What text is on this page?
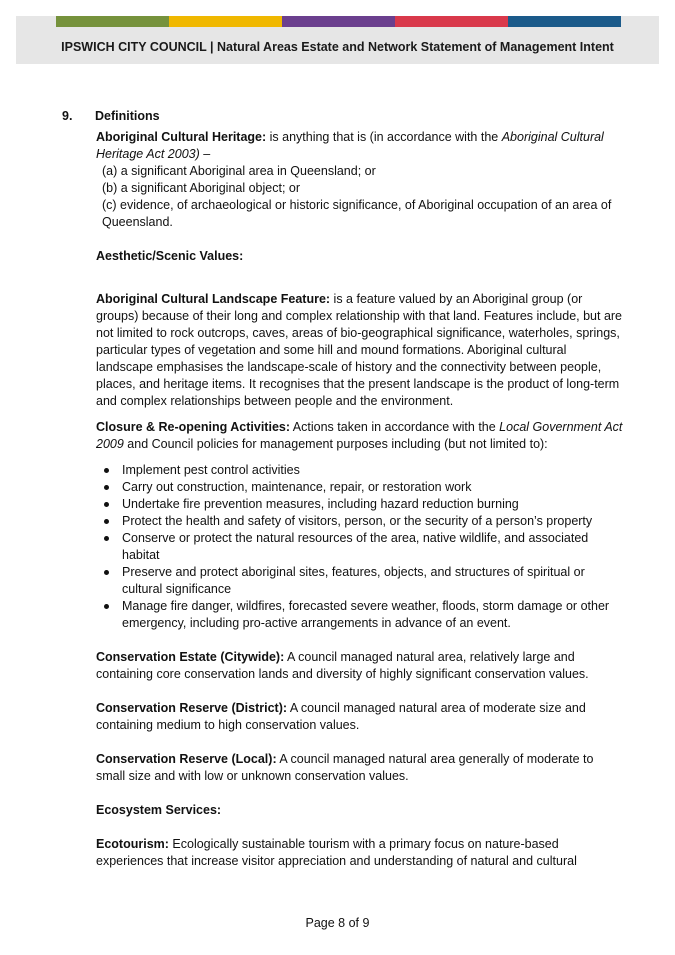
IPSWICH CITY COUNCIL | Natural Areas Estate and Network Statement of Management Intent
9. Definitions

Aboriginal Cultural Heritage: is anything that is (in accordance with the Aboriginal Cultural Heritage Act 2003) –

(a) a significant Aboriginal area in Queensland; or

(b) a significant Aboriginal object; or

(c) evidence, of archaeological or historic significance, of Aboriginal occupation of an area of Queensland.

Aesthetic/Scenic Values:

Aboriginal Cultural Landscape Feature: is a feature valued by an Aboriginal group (or groups) because of their long and complex relationship with that land. Features include, but are not limited to rock outcrops, caves, areas of bio-geographical significance, waterholes, springs, particular types of vegetation and some hill and mound formations. Aboriginal cultural landscape emphasises the landscape-scale of history and the connectivity between people, places, and heritage items. It recognises that the present landscape is the product of long-term and complex relationships between people and the environment.

Closure & Re-opening Activities: Actions taken in accordance with the Local Government Act 2009 and Council policies for management purposes including (but not limited to):

Implement pest control activities
Carry out construction, maintenance, repair, or restoration work
Undertake fire prevention measures, including hazard reduction burning
Protect the health and safety of visitors, person, or the security of a person’s property
Conserve or protect the natural resources of the area, native wildlife, and associated habitat
Preserve and protect aboriginal sites, features, objects, and structures of spiritual or cultural significance
Manage fire danger, wildfires, forecasted severe weather, floods, storm damage or other emergency, including pro-active arrangements in advance of an event.

Conservation Estate (Citywide): A council managed natural area, relatively large and containing core conservation lands and diversity of highly significant conservation values.

Conservation Reserve (District): A council managed natural area of moderate size and containing medium to high conservation values.

Conservation Reserve (Local): A council managed natural area generally of moderate to small size and with low or unknown conservation values.

Ecosystem Services:

Ecotourism: Ecologically sustainable tourism with a primary focus on nature-based experiences that increase visitor appreciation and understanding of natural and cultural

Page 8 of 9
